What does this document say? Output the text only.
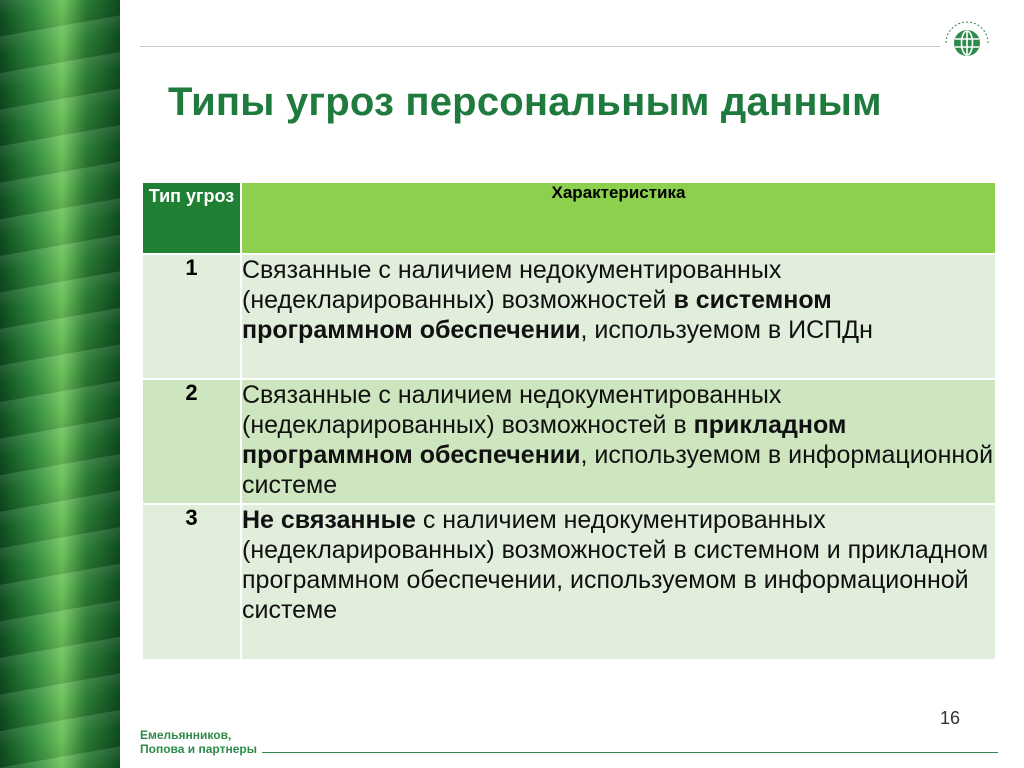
Типы угроз персональным данным
Тип угроз	Характеристика
1	Связанные с наличием недокументированных (недекларированных) возможностей в системном программном обеспечении, используемом в ИСПДн
2	Связанные с наличием недокументированных (недекларированных) возможностей в прикладном программном обеспечении, используемом в информационной системе
3	Не связанные с наличием недокументированных (недекларированных) возможностей в системном и прикладном программном обеспечении, используемом в информационной системе
16
Емельянников,
Попова и партнеры
